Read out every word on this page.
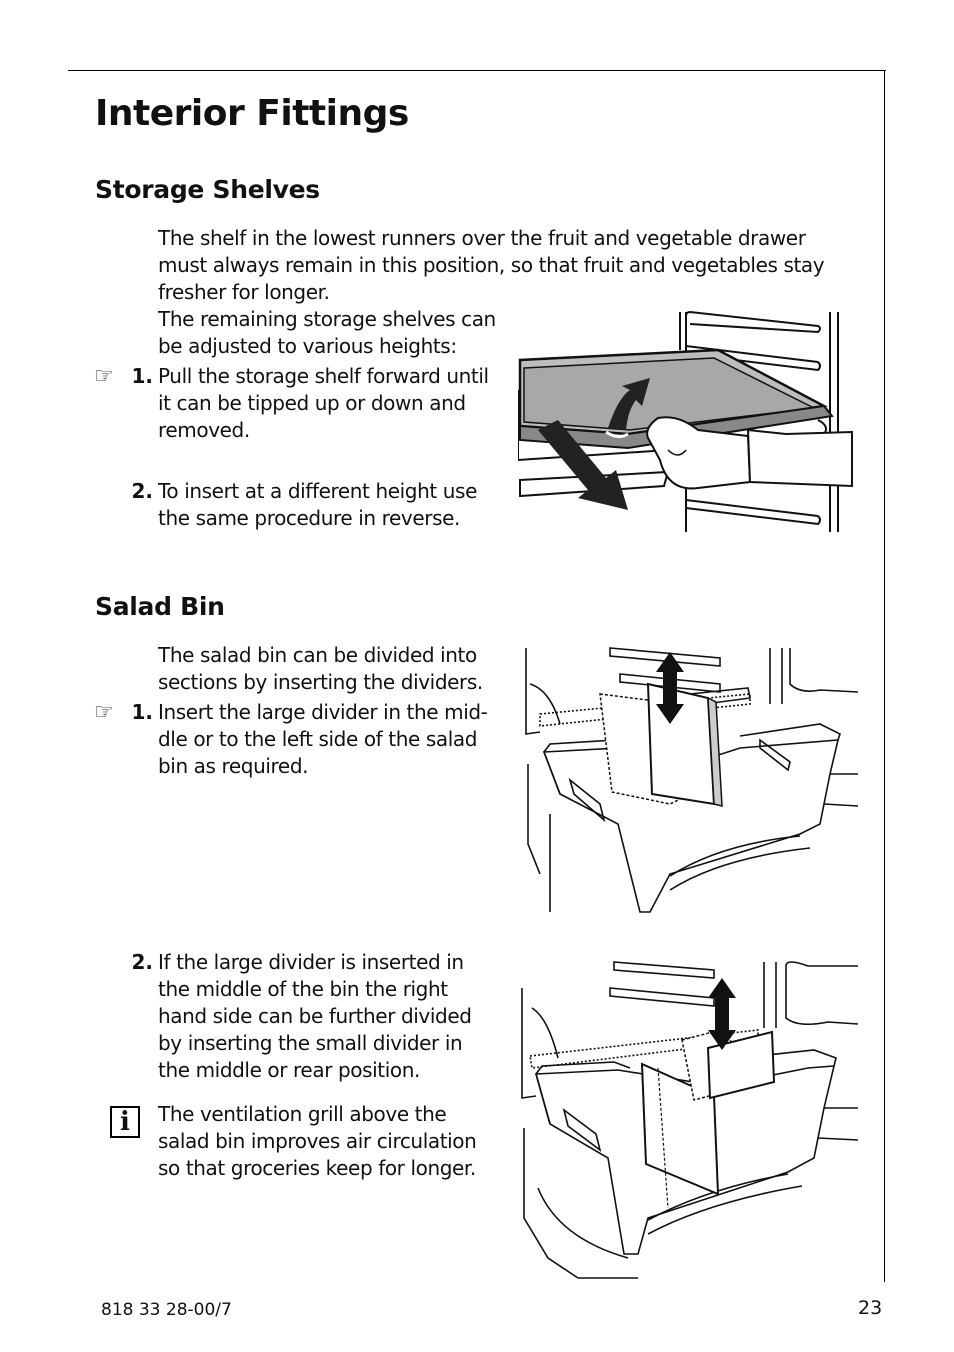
Interior Fittings
Storage Shelves
The shelf in the lowest runners over the fruit and vegetable drawer
must always remain in this position, so that fruit and vegetables stay
fresher for longer.
The remaining storage shelves can
be adjusted to various heights:
☞ 1. Pull the storage shelf forward until
it can be tipped up or down and
removed.
2. To insert at a different height use
the same procedure in reverse.
Salad Bin
The salad bin can be divided into
sections by inserting the dividers.
☞ 1. Insert the large divider in the mid-
dle or to the left side of the salad
bin as required.
2. If the large divider is inserted in
the middle of the bin the right
hand side can be further divided
by inserting the small divider in
the middle or rear position.
i	The ventilation grill above the
salad bin improves air circulation
so that groceries keep for longer.
818 33 28-00/7	23
